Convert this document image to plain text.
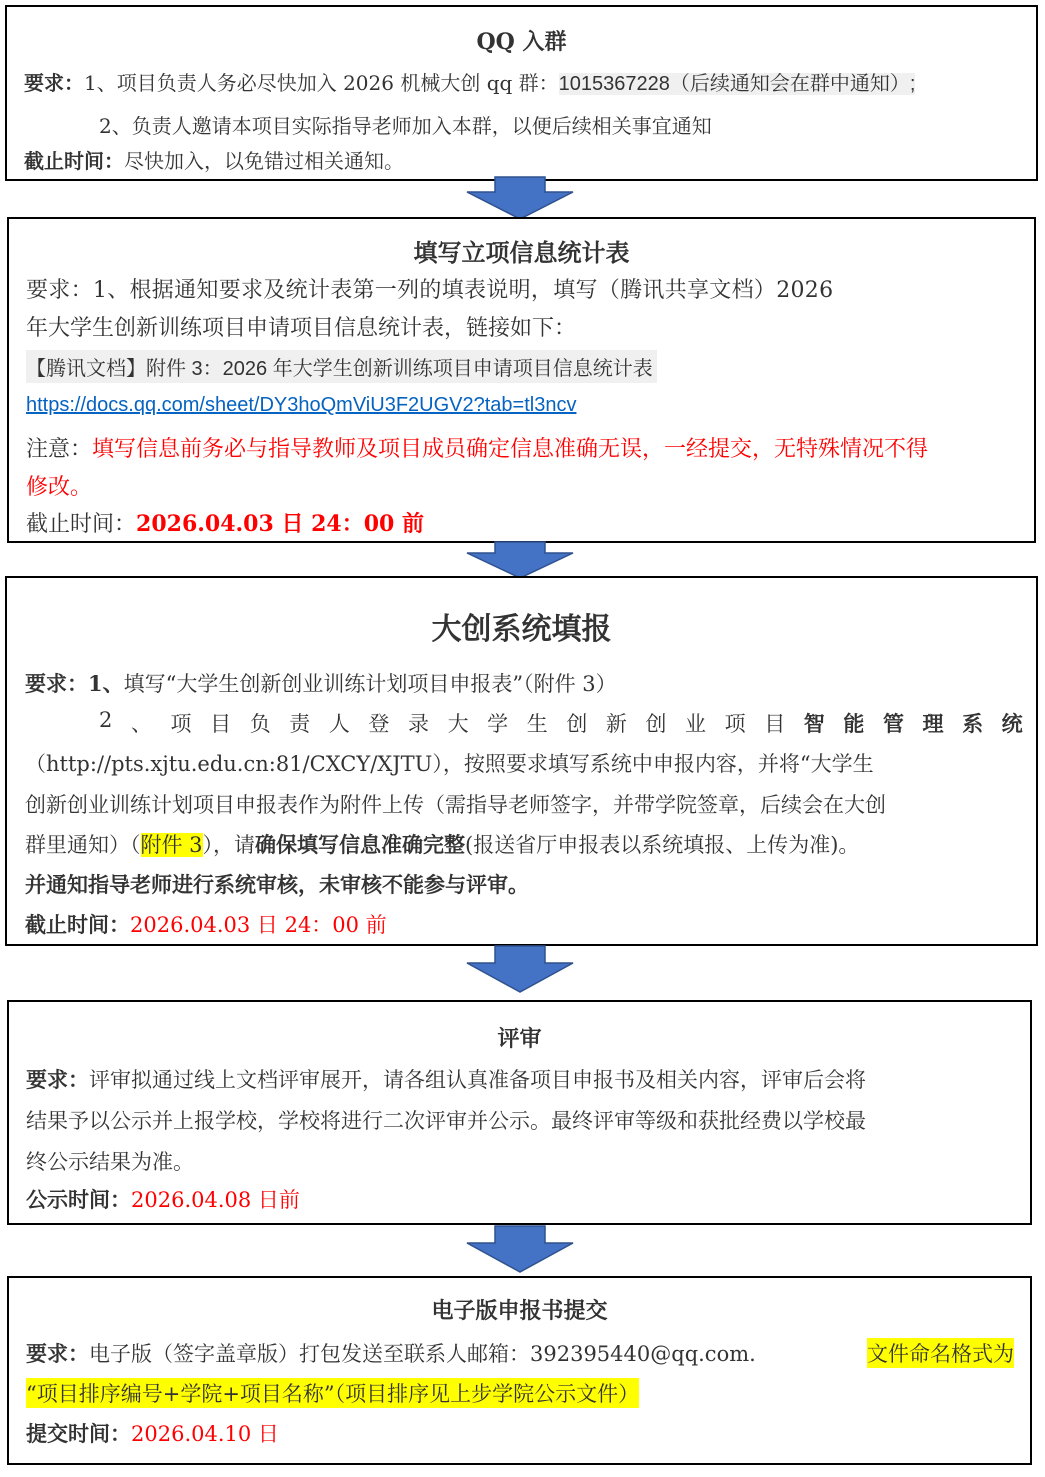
QQ 入群
要求：1、项目负责人务必尽快加入 2026 机械大创 qq 群：1015367228（后续通知会在群中通知）;
2、负责人邀请本项目实际指导老师加入本群，以便后续相关事宜通知
截止时间：尽快加入，以免错过相关通知。
填写立项信息统计表
要求：1、根据通知要求及统计表第一列的填表说明，填写（腾讯共享文档）2026
年大学生创新训练项目申请项目信息统计表，链接如下：
【腾讯文档】附件 3：2026 年大学生创新训练项目申请项目信息统计表
https://docs.qq.com/sheet/DY3hoQmViU3F2UGV2?tab=tl3ncv
注意：填写信息前务必与指导教师及项目成员确定信息准确无误，一经提交，无特殊情况不得
修改。
截止时间：2026.04.03 日 24：00 前
大创系统填报
要求：1、填写“大学生创新创业训练计划项目申报表”（附件 3）
2 、 项 目 负 责 人 登 录 大 学 生 创 新 创 业 项 目 智 能 管 理 系 统
（http://pts.xjtu.edu.cn:81/CXCY/XJTU），按照要求填写系统中申报内容，并将“大学生
创新创业训练计划项目申报表作为附件上传（需指导老师签字，并带学院签章，后续会在大创
群里通知）（附件 3），请确保填写信息准确完整(报送省厅申报表以系统填报、上传为准)。
并通知指导老师进行系统审核，未审核不能参与评审。
截止时间：2026.04.03 日 24：00 前
评审
要求：评审拟通过线上文档评审展开，请各组认真准备项目申报书及相关内容，评审后会将
结果予以公示并上报学校，学校将进行二次评审并公示。最终评审等级和获批经费以学校最
终公示结果为准。
公示时间：2026.04.08 日前
电子版申报书提交
要求：电子版（签字盖章版）打包发送至联系人邮箱：392395440@qq.com.	文件命名格式为
“项目排序编号+学院+项目名称”（项目排序见上步学院公示文件）
提交时间：2026.04.10 日
